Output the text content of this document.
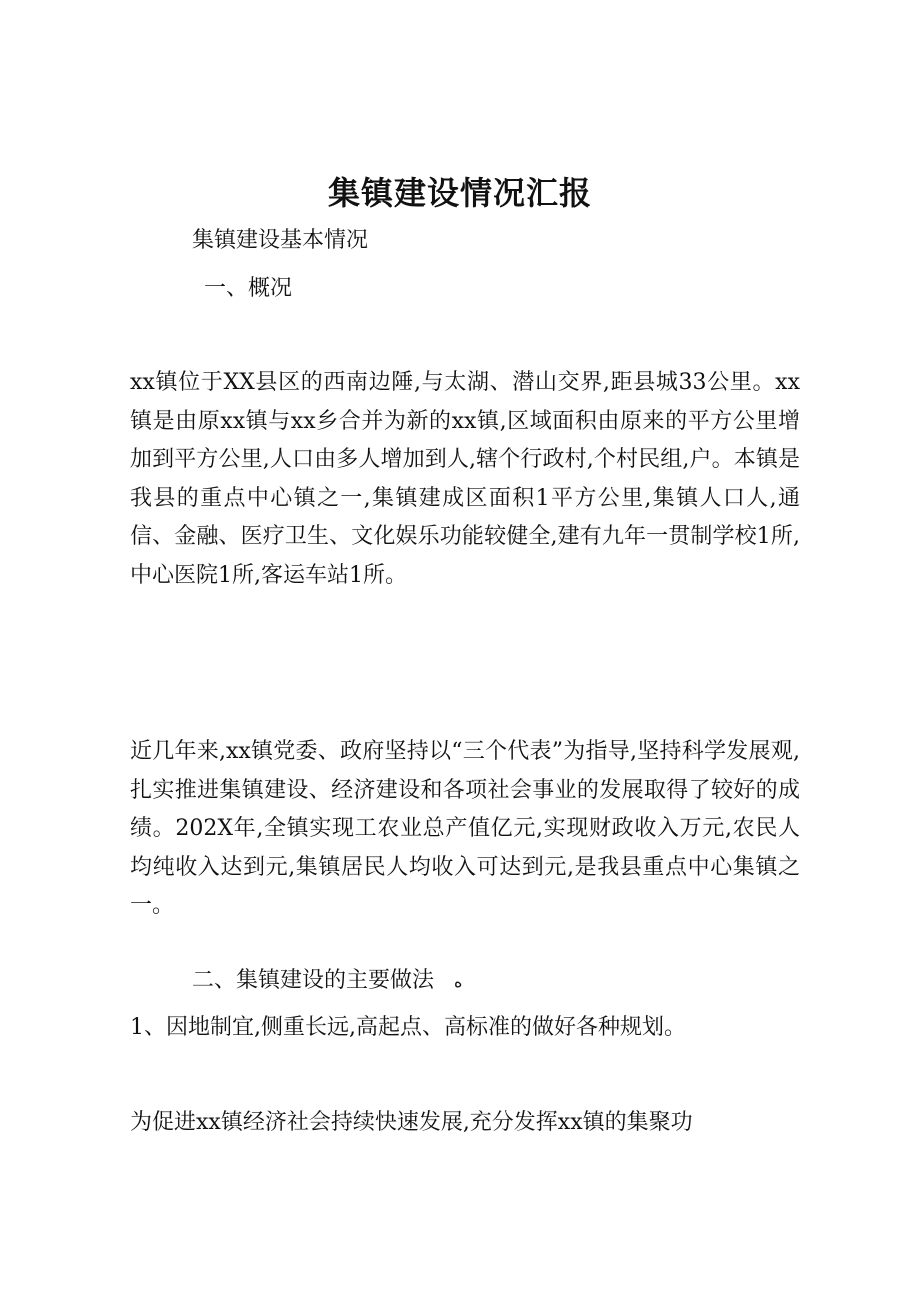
集镇建设情况汇报
集镇建设基本情况
一、概况

xx镇位于XX县区的西南边陲,与太湖、潜山交界,距县城33公里。xx镇是由原xx镇与xx乡合并为新的xx镇,区域面积由原来的平方公里增加到平方公里,人口由多人增加到人,辖个行政村,个村民组,户。本镇是我县的重点中心镇之一,集镇建成区面积1平方公里,集镇人口人,通信、金融、医疗卫生、文化娱乐功能较健全,建有九年一贯制学校1所,中心医院1所,客运车站1所。

近几年来,xx镇党委、政府坚持以“三个代表”为指导,坚持科学发展观,扎实推进集镇建设、经济建设和各项社会事业的发展取得了较好的成绩。202X年,全镇实现工农业总产值亿元,实现财政收入万元,农民人均纯收入达到元,集镇居民人均收入可达到元,是我县重点中心集镇之一。

二、集镇建设的主要做法 ه
1、因地制宜,侧重长远,高起点、高标准的做好各种规划。

为促进xx镇经济社会持续快速发展,充分发挥xx镇的集聚功
